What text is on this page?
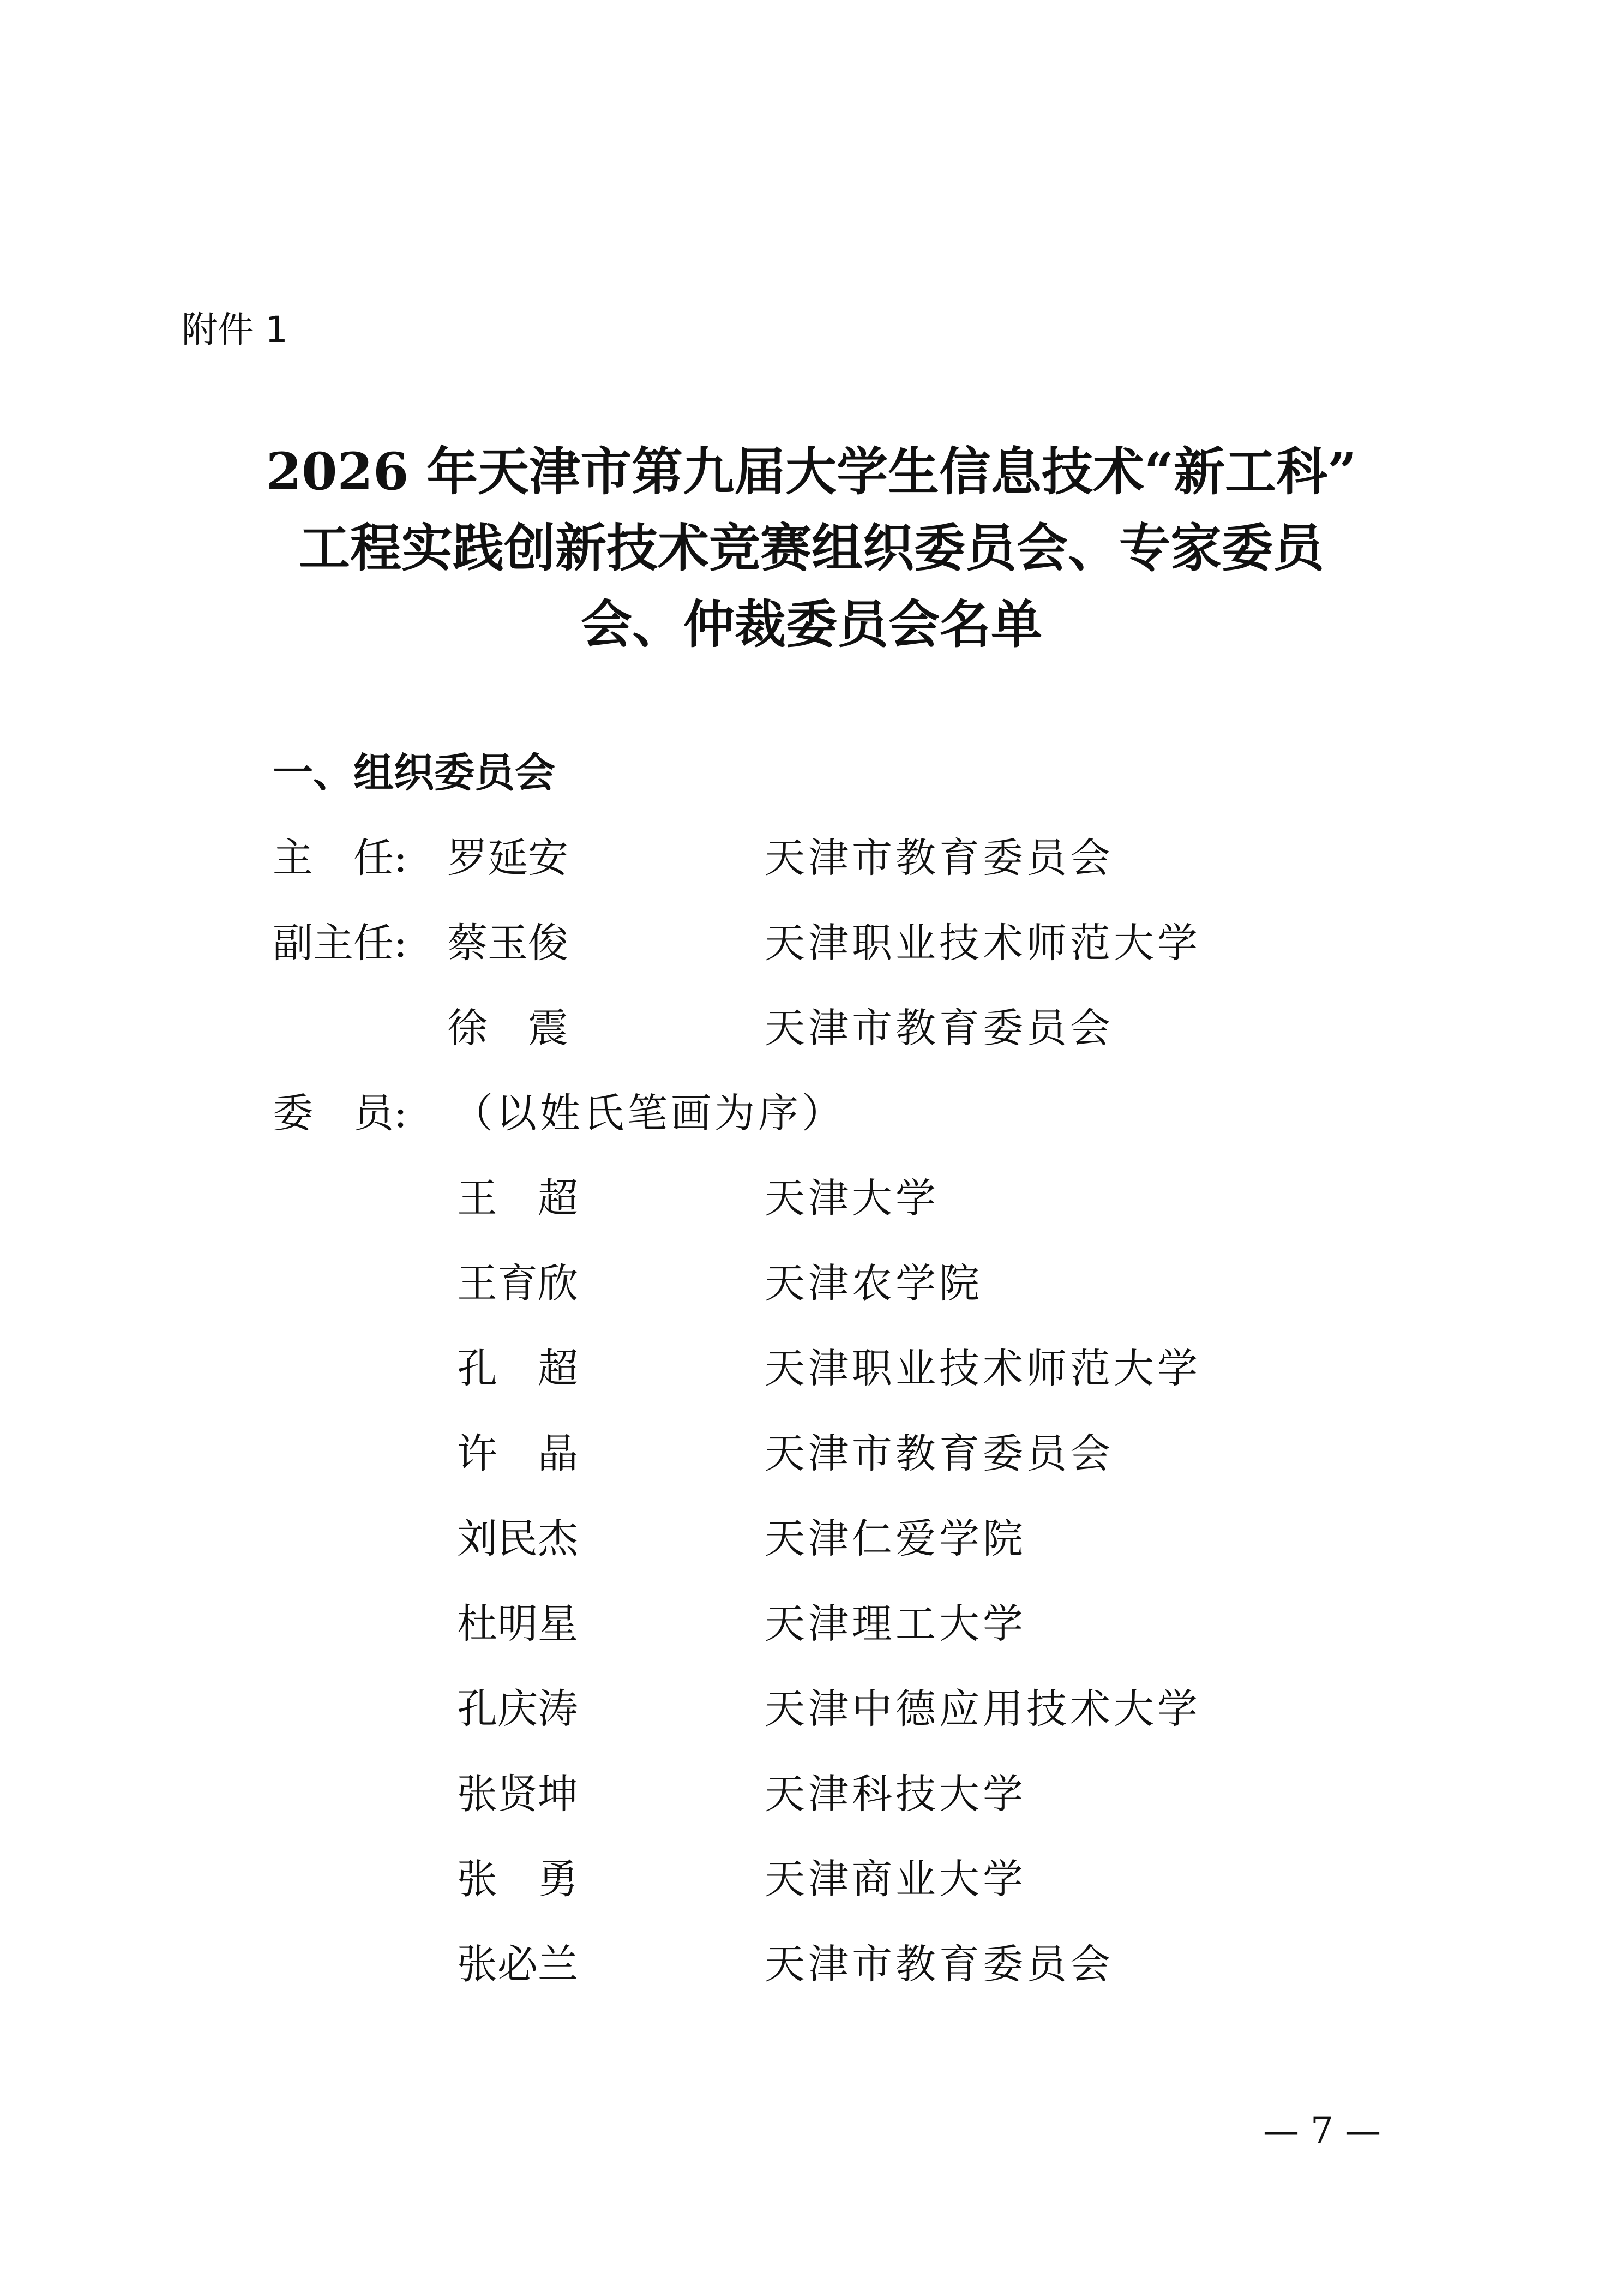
附件 1
2026 年天津市第九届大学生信息技术“新工科”
工程实践创新技术竞赛组织委员会、专家委员
会、仲裁委员会名单
一、组织委员会
主　任: 罗延安	天津市教育委员会
副主任: 蔡玉俊	天津职业技术师范大学
徐　震	天津市教育委员会
委　员: （以姓氏笔画为序）
王　超	天津大学
王育欣	天津农学院
孔　超	天津职业技术师范大学
许　晶	天津市教育委员会
刘民杰	天津仁爱学院
杜明星	天津理工大学
孔庆涛	天津中德应用技术大学
张贤坤	天津科技大学
张　勇	天津商业大学
张必兰	天津市教育委员会
— 7 —
